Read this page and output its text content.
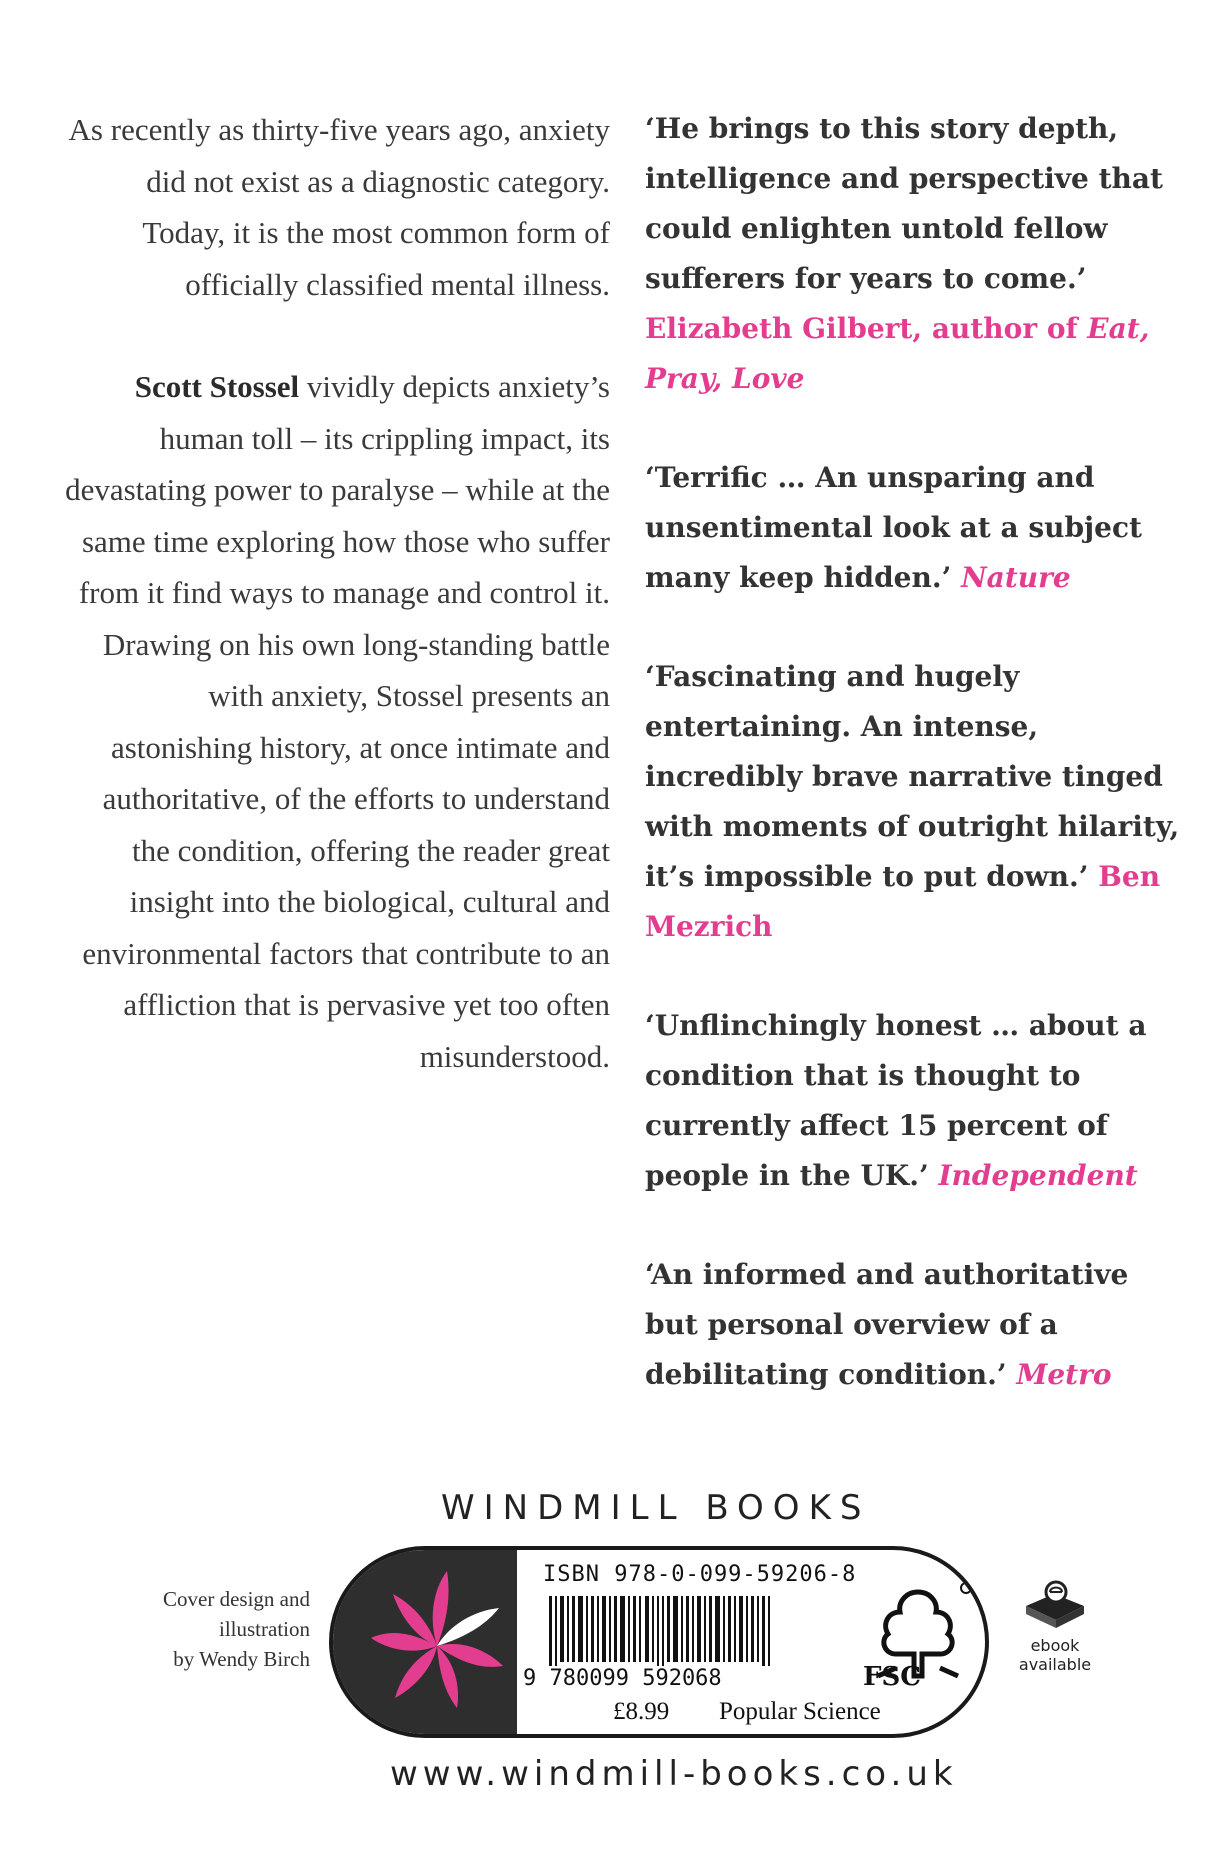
As recently as thirty-five years ago, anxiety did not exist as a diagnostic category. Today, it is the most common form of officially classified mental illness.

Scott Stossel vividly depicts anxiety’s human toll – its crippling impact, its devastating power to paralyse – while at the same time exploring how those who suffer from it find ways to manage and control it. Drawing on his own long-standing battle with anxiety, Stossel presents an astonishing history, at once intimate and authoritative, of the efforts to understand the condition, offering the reader great insight into the biological, cultural and environmental factors that contribute to an affliction that is pervasive yet too often misunderstood.

‘He brings to this story depth, intelligence and perspective that could enlighten untold fellow sufferers for years to come.’ Elizabeth Gilbert, author of Eat, Pray, Love
‘Terrific … An unsparing and unsentimental look at a subject many keep hidden.’ Nature
‘Fascinating and hugely entertaining. An intense, incredibly brave narrative tinged with moments of outright hilarity, it’s impossible to put down.’ Ben Mezrich
‘Unflinchingly honest … about a condition that is thought to currently affect 15 percent of people in the UK.’ Independent
‘An informed and authoritative but personal overview of a debilitating condition.’ Metro
WINDMILL BOOKS
Cover design and
illustration
by Wendy Birch
ISBN 978-0-099-59206-8
9 780099 592068
£8.99 Popular Science
FSC
ebook
available
www.windmill-books.co.uk
